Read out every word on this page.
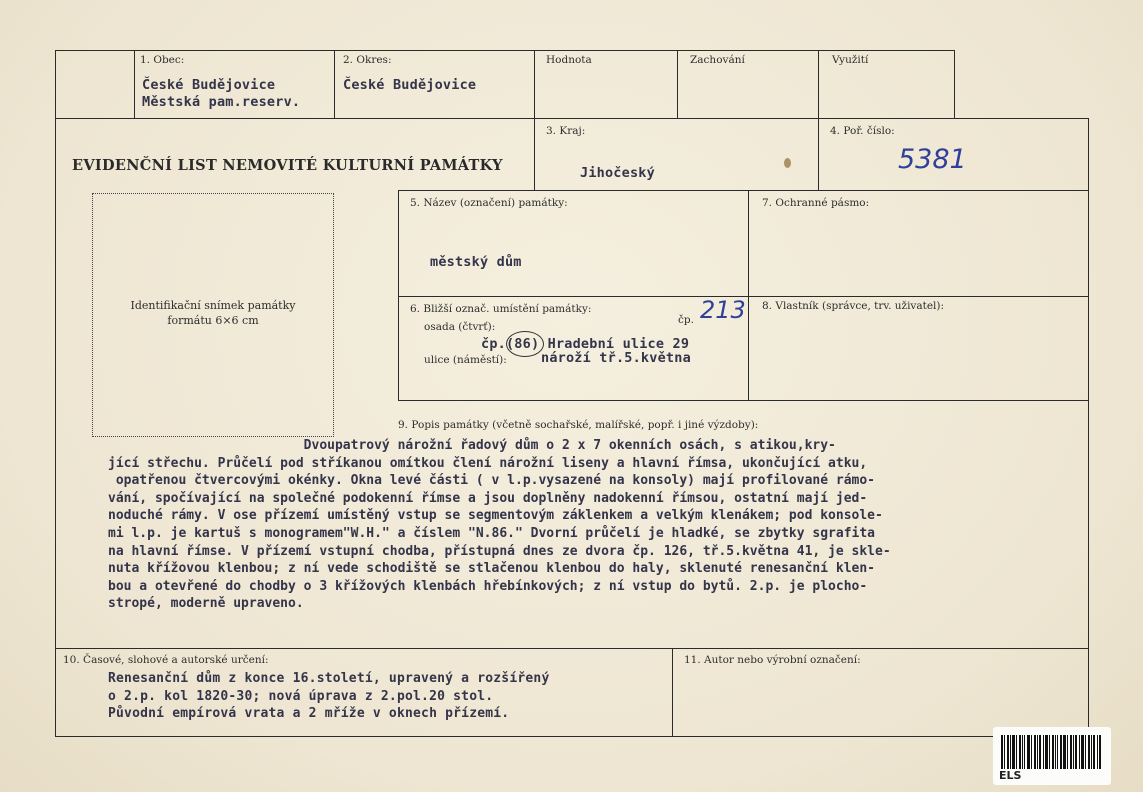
1. Obec:
České Budějovice
Městská pam.reserv.
2. Okres:
České Budějovice
Hodnota	Zachování	Využití
EVIDENČNÍ LIST NEMOVITÉ KULTURNÍ PAMÁTKY
3. Kraj:
Jihočeský
4. Poř. číslo:
5381
Identifikační snímek památky
formátu 6×6 cm
5. Název (označení) památky:
městský dům
7. Ochranné pásmo:
6. Bližší označ. umístění památky:
osada (čtvrť):
čp. 213
čp.(86) Hradební ulice 29
ulice (náměstí):	nároží tř.5.května
8. Vlastník (správce, trv. uživatel):
9. Popis památky (včetně sochařské, malířské, popř. i jiné výzdoby):
Dvoupatrový nárožní řadový dům o 2 x 7 okenních osách, s atikou,kry-
jící střechu. Průčelí pod stříkanou omítkou člení nárožní liseny a hlavní římsa, ukončující atku,
opatřenou čtvercovými okénky. Okna levé části ( v l.p.vysazené na konsoly) mají profilované rámo-
vání, spočívající na společné podokenní římse a jsou doplněny nadokenní římsou, ostatní mají jed-
noduché rámy. V ose přízemí umístěný vstup se segmentovým záklenkem a velkým klenákem; pod konsole-
mi l.p. je kartuš s monogramem"W.H." a číslem "N.86." Dvorní průčelí je hladké, se zbytky sgrafita
na hlavní římse. V přízemí vstupní chodba, přístupná dnes ze dvora čp. 126, tř.5.května 41, je skle-
nuta křížovou klenbou; z ní vede schodiště se stlačenou klenbou do haly, sklenuté renesanční klen-
bou a otevřené do chodby o 3 křížových klenbách hřebínkových; z ní vstup do bytů. 2.p. je plocho-
stropé, moderně upraveno.
10. Časové, slohové a autorské určení:
Renesanční dům z konce 16.století, upravený a rozšířený
o 2.p. kol 1820-30; nová úprava z 2.pol.20 stol.
Původní empírová vrata a 2 mříže v oknech přízemí.
11. Autor nebo výrobní označení:
ELS
